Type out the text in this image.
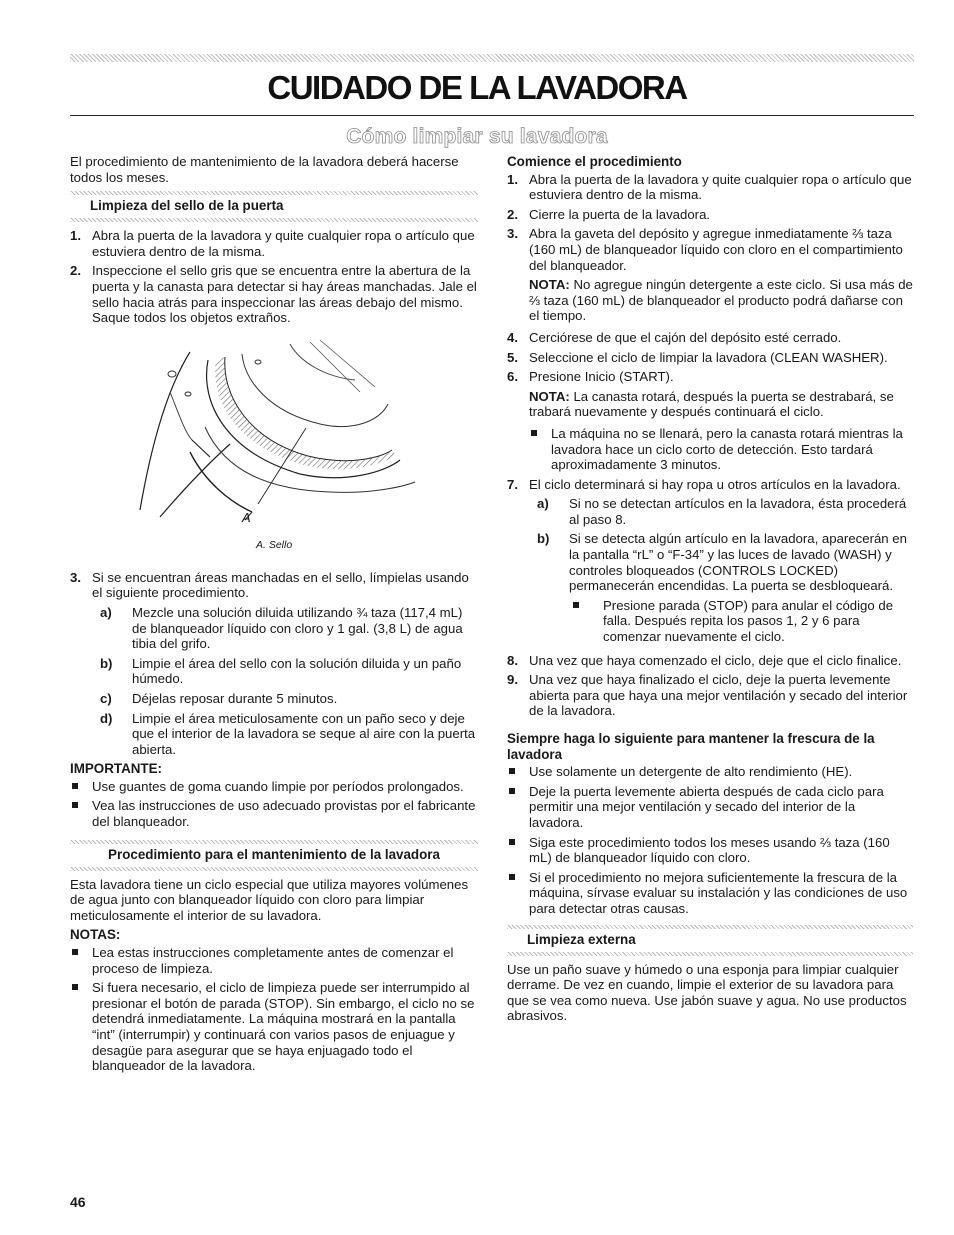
CUIDADO DE LA LAVADORA
Cómo limpiar su lavadora

El procedimiento de mantenimiento de la lavadora deberá hacerse todos los meses.

Limpieza del sello de la puerta
1. Abra la puerta de la lavadora y quite cualquier ropa o artículo que estuviera dentro de la misma.
2. Inspeccione el sello gris que se encuentra entre la abertura de la puerta y la canasta para detectar si hay áreas manchadas. Jale el sello hacia atrás para inspeccionar las áreas debajo del mismo. Saque todos los objetos extraños.
A
A. Sello
3. Si se encuentran áreas manchadas en el sello, límpielas usando el siguiente procedimiento.
a) Mezcle una solución diluida utilizando ¾ taza (117,4 mL) de blanqueador líquido con cloro y 1 gal. (3,8 L) de agua tibia del grifo.
b) Limpie el área del sello con la solución diluida y un paño húmedo.
c) Déjelas reposar durante 5 minutos.
d) Limpie el área meticulosamente con un paño seco y deje que el interior de la lavadora se seque al aire con la puerta abierta.
IMPORTANTE:
Use guantes de goma cuando limpie por períodos prolongados.
Vea las instrucciones de uso adecuado provistas por el fabricante del blanqueador.
Procedimiento para el mantenimiento de la lavadora

Esta lavadora tiene un ciclo especial que utiliza mayores volúmenes de agua junto con blanqueador líquido con cloro para limpiar meticulosamente el interior de su lavadora.

NOTAS:
Lea estas instrucciones completamente antes de comenzar el proceso de limpieza.
Si fuera necesario, el ciclo de limpieza puede ser interrumpido al presionar el botón de parada (STOP). Sin embargo, el ciclo no se detendrá inmediatamente. La máquina mostrará en la pantalla “int” (interrumpir) y continuará con varios pasos de enjuague y desagüe para asegurar que se haya enjuagado todo el blanqueador de la lavadora.
Comience el procedimiento
1. Abra la puerta de la lavadora y quite cualquier ropa o artículo que estuviera dentro de la misma.
2. Cierre la puerta de la lavadora.
3. Abra la gaveta del depósito y agregue inmediatamente ⅔ taza (160 mL) de blanqueador líquido con cloro en el compartimiento del blanqueador.

NOTA: No agregue ningún detergente a este ciclo. Si usa más de ⅔ taza (160 mL) de blanqueador el producto podrá dañarse con el tiempo.

4. Cerciórese de que el cajón del depósito esté cerrado.
5. Seleccione el ciclo de limpiar la lavadora (CLEAN WASHER).
6. Presione Inicio (START).

NOTA: La canasta rotará, después la puerta se destrabará, se trabará nuevamente y después continuará el ciclo.

La máquina no se llenará, pero la canasta rotará mientras la lavadora hace un ciclo corto de detección. Esto tardará aproximadamente 3 minutos.
7. El ciclo determinará si hay ropa u otros artículos en la lavadora.
a) Si no se detectan artículos en la lavadora, ésta procederá al paso 8.
b) Si se detecta algún artículo en la lavadora, aparecerán en la pantalla “rL” o “F-34” y las luces de lavado (WASH) y controles bloqueados (CONTROLS LOCKED) permanecerán encendidas. La puerta se desbloqueará.
Presione parada (STOP) para anular el código de falla. Después repita los pasos 1, 2 y 6 para comenzar nuevamente el ciclo.
8. Una vez que haya comenzado el ciclo, deje que el ciclo finalice.
9. Una vez que haya finalizado el ciclo, deje la puerta levemente abierta para que haya una mejor ventilación y secado del interior de la lavadora.
Siempre haga lo siguiente para mantener la frescura de la lavadora
Use solamente un detergente de alto rendimiento (HE).
Deje la puerta levemente abierta después de cada ciclo para permitir una mejor ventilación y secado del interior de la lavadora.
Siga este procedimiento todos los meses usando ⅔ taza (160 mL) de blanqueador líquido con cloro.
Si el procedimiento no mejora suficientemente la frescura de la máquina, sírvase evaluar su instalación y las condiciones de uso para detectar otras causas.
Limpieza externa

Use un paño suave y húmedo o una esponja para limpiar cualquier derrame. De vez en cuando, limpie el exterior de su lavadora para que se vea como nueva. Use jabón suave y agua. No use productos abrasivos.

46
